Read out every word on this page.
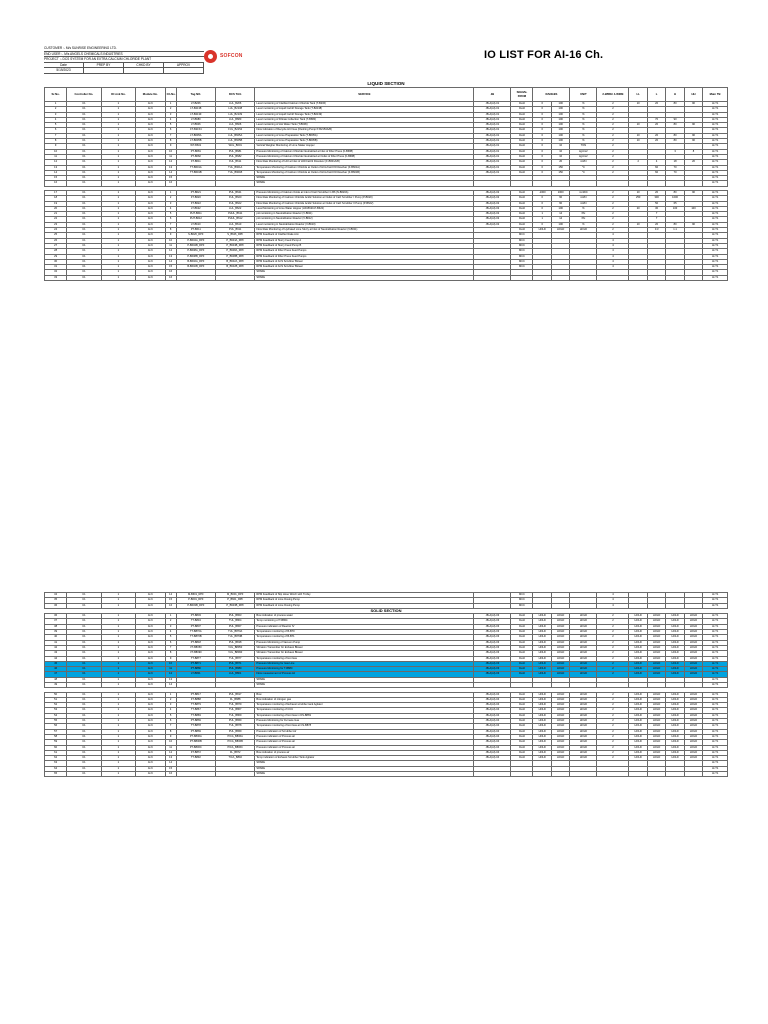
CUSTOMER :- M/s SUNRISE ENGINEERING LTD.
END USER :- M/s ANGELS CHEMICALS INDUSTRIES
PROJECT :- DCS SYSTEM FOR AN EXTRA CALCIUM CHLORIDE PLANT
Date	PREP BY	CHKD BY	APPROV
5/19/2023
SOFCON	IO LIST FOR AI-16 Ch.
LIQUID SECTION
Sr.No.	Controller No.	IO Link No.	Module No.	Ch.No.	Tag NO.	DCS TAG	SERVICE	JB	SIGNAL FROM	RANGES		UNIT	2-WIRE/ 4-WIRE	LL	L	H	HH	Main TB
1	C1	1	AI-6	1	LT-B206	LUL_B206	Level monitoring of Clarified Calcium Chloride Tank (T-B206)	JB-A(AI)-01	Field	0	100	%	2	10	20	80	90	AI-T1
2	C1	1	AI-6	2	LT-B2138	LUL_B2138	Level monitoring of Liquid CaCl2 Storage Tank (T-B2138)	JB-A(AI)-01	Field	0	100	%	2					AI-T1
3	C1	1	AI-6	3	LT-B2139	LUL_B2139	Level monitoring of Liquid CaCl2 Storage Tank (T-B2139)	JB-A(AI)-01	Field	0	100	%	2					AI-T1
4	C1	1	AI-6	4	LT-B680	LUL_B680	Level monitoring of Filtrate Collection Tank (T-B680)	JB-A(AI)-01	Field	0	100	%	2		70	90		AI-T1
5	C1	1	AI-6	5	LT-B606	LUL_B606	Level monitoring of Hot Water Tank (T-B606)	JB-A(AI)-01	Field	0	100	%	2	10	20	80	90	AI-T1
6	C1	1	AI-6	6	FT-B2154	FUL_B2154	Flow Indication of Recycle HCl Gas (Flushing Pump P-B2153A/B)	JB-A(AI)-01	Field	0	100	%	2					AI-T1
7	C1	1	AI-6	7	LT-B605A	LUL_B605A	Level monitoring of Lime Preparation Tank (T-B605A)	JB-A(AI)-01	Field	0	100	%	2	10	20	80	90	AI-T1
8	C1	1	AI-6	8	LT-B605B	LUL_B605B	Level monitoring of Lime Preparation Tank (T-B605B)	JB-A(AI)-01	Field	0	100	%	2	10	20	80	90	AI-T1
9	C1	1	AI-6	9	WT-B601	WUL_B601	Vertical Weigher Monitoring of Lime Slaker Hopper	JB-A(AI)-01	Field	0	10	TON	2					AI-T1
10	C1	1	AI-6	10	PT-B681	PUL_B681	Pressure Monitoring of Calcium Chloride Neutralized at Inlet of Filter Press (F-B688)	JB-A(AI)-01	Field	0	10	kg/cm2	2			3	8	AI-T1
11	C1	1	AI-6	11	PT-B682	PUL_B682	Pressure Monitoring of Calcium Chloride Neutralized at Outlet of Filter Press (F-B688)	JB-A(AI)-01	Field	0	10	kg/cm2	2					AI-T1
12	C1	1	AI-6	12	FT-B611	FUL_B611	Flow Rate Monitoring of HCl at Inlet of HCl/CaCl2 Dissolver (F-B601A/B)	JB-A(AI)-01	Field	0	20	m3/hr	2	2	4	18	20	AI-T1
13	C1	1	AI-6	13	TT-B601A	TUL_B601A	Temperature Monitoring of Calcium Chloride at Outlet of HCL/CaCO3 Dissolver (F-B601A)	JB-A(AI)-01	Field	0	150	°C	2		60	70		AI-T1
14	C1	1	AI-6	14	TT-B601B	TUL_B601B	Temperature Monitoring of Calcium Chloride at Outlet of HCL/CaCO3 Dissolver (F-B601B)	JB-A(AI)-01	Field	0	150	°C	2		60	70		AI-T1
15	C1	1	AI-6	15			SPARE											AI-T1
16	C1	1	AI-6	16			SPARE											AI-T1

17	C1	1	AI-6	1	PT-B621	PUL_B621	Pressure Monitoring of Calcium Oxide at Inlet of CaO Scrubber C-B6 (N-B620A)	JB-A(AI)-02	Field	-1000	1000	mmWC	2	10	20	80	90	AI-T1
18	C1	1	AI-6	2	FT-B620	FUL_B620	Flow Rate Monitoring of Calcium Chloride Acidic Solution at Outlet of CaO Scrubber I Pump (P-B620)	JB-A(AI)-02	Field	0	60	m3/hr	2	250	300	1000		AI-T1
19	C1	1	AI-6	3	FT-B622	FUL_B622	Flow Rate Monitoring of Calcium Chloride Acidic Solution at Outlet of CaO Scrubber II Pump (P-B622)	JB-A(AI)-02	Field	0	60	m3/hr	2		50	65		AI-T1
20	C1	1	AI-6	4	LT-B622	LUL_B622	Level Monitoring of Lime Water Hopper (LW-B620-P-B622)	JB-A(AI)-02	Field	0	100	%	2	20	30	100	100	AI-T1
21	C1	1	AI-6	5	PHT-B611	PHUL_B611	pH monitoring in Neutralization Reactor (V-B611)	JB-A(AI)-02	Field	1	14	PH	2		7			AI-T1
22	C1	1	AI-6	6	PHT-B612	PHUL_B612	pH monitoring in Neutralization Reactor (V-B612)	JB-A(AI)-02	Field	1	14	PH	2		7			AI-T1
23	C1	1	AI-6	7	LT-B610	LUL_B610	Level monitoring in Neutralization Reactor (V-B610)	JB-A(AI)-02	Field	0	100	%	2	10	20	80	90	AI-T1
24	C1	1	AI-6	8	PT-B611	PUL_B611	Flow Rate Monitoring of Hydrated Lime Slurry at Inlet of Neutralization Reactor (V-B611)		Field	HOLD	HOLD	HOLD	2		0.3	1.1		AI-T1
25	C1	1	AI-6	9	S-B626_RPF	S_B626_RPF	RPM Feedback of Clarifier Rake Arm		MCC				4					AI-T1
26	C1	1	AI-6	10	P-B604A_RPF	P_B604A_RPF	RPM Feedback of Slurry Feed Pump A		MCC				4					AI-T1
27	C1	1	AI-6	11	P-B604B_RPF	P_B604B_RPF	RPM Feedback of Slurry Feed Pump B		MCC				4					AI-T1
28	C1	1	AI-6	12	P-B608A_RPF	P_B608A_RPF	RPM Feedback of Filter Press Feed Pumps		MCC				4					AI-T1
29	C1	1	AI-6	13	P-B608B_RPF	P_B608B_RPF	RPM Feedback of Filter Press Feed Pumps		MCC				4					AI-T1
30	C1	1	AI-6	14	B-B602A_RPF	B_B602A_RPF	RPM Feedback of ACS Scrubber Blower		MCC				4					AI-T1
31	C1	1	AI-6	15	B-B602B_RPF	B_B602B_RPF	RPM Feedback of ACS Scrubber Blower		MCC				4					AI-T1
32	C1	1	AI-6	16			SPARE											AI-T1
33	C1	1	AI-6	16			SPARE											AI-T1
34	C1	1	AI-6	14	M-B601_RPF	M_B601_RPF	RPM Feedback of Slip Hose Winch with Trolley		MCC				4					AI-T1
35	C1	1	AI-6	15	P-B601_RPF	P_B601_RPF	RPM Feedback of Lime Dosing Pump		MCC				4					AI-T1
36	C1	1	AI-6	16	P-B603B_RPF	P_B603B_RPF	RPM Feedback of Lime Dosing Pump		MCC				4					AI-T1
SOLID SECTION																		
36	C1	1	AI-6	1	PT-B803	PUL_B803	Bow indication of process water	JB-A(AI)-03	Field	HOLD	HOLD	HOLD	2	HOLD	HOLD	HOLD	HOLD	AI-T1
37	C1	1	AI-6	2	TT-B804	TUL_B804	Temp monitoring of T-B804	JB-A(AI)-03	Field	HOLD	HOLD	HOLD	2	HOLD	HOLD	HOLD	HOLD	AI-T1
38	C1	1	AI-6	3	PT-B807	PUL_B807	Pressure indication of Reactor IV	JB-A(AI)-03	Field	HOLD	HOLD	HOLD	2	HOLD	HOLD	HOLD	HOLD	AI-T1
39	C1	1	AI-6	4	TT-B870A	TUL_B870A	Temperature monitoring of B-B70	JB-A(AI)-03	Field	HOLD	HOLD	HOLD	2	HOLD	HOLD	HOLD	HOLD	AI-T1
40	C1	1	AI-6	5	TT-B870B	TUL_B870B	Temperature monitoring of B-B71	JB-A(AI)-03	Field	HOLD	HOLD	HOLD	2	HOLD	HOLD	HOLD	HOLD	AI-T1
41	C1	1	AI-6	6	PT-B818	PUL_B818	Pressure Monitoring of Vacuum Pump	JB-A(AI)-03	Field	HOLD	HOLD	HOLD	2	HOLD	HOLD	HOLD	HOLD	AI-T1
42	C1	1	AI-6	7	VT-B8050	VUL_B8050	Vibration Transmitter for Exhaust Blower	JB-A(AI)-03	Field	HOLD	HOLD	HOLD	2	HOLD	HOLD	HOLD	HOLD	AI-T1
43	C1	1	AI-6	8	VT-B8090	VUL_B8090	Vibration Transmitter for Exhaust Blower	JB-A(AI)-03	Field	HOLD	HOLD	HOLD	2	HOLD	HOLD	HOLD	HOLD	AI-T1
44	C1	1	AI-6	9	TT-B877	TUL_B877	Temperature monitoring of Hot Gas	JB-A(AI)-03	Field	HOLD	HOLD	HOLD	2	HOLD	HOLD	HOLD	HOLD	AI-T1
45	C1	1	AI-6	10	PT-B871	PUL_B871	Pressure Monitoring for Gas Line	JB-A(AI)-03	Field	HOLD	HOLD	HOLD	2	HOLD	HOLD	HOLD	HOLD	AI-T1
46	C1	1	AI-6	11	PT-B880	PUL_B880	Pressure Monitoring for T-B880	JB-A(AI)-03	Field	HOLD	HOLD	HOLD	2	HOLD	HOLD	HOLD	HOLD	AI-T1
47	C1	1	AI-6	12	LT-B801	LUL_B801	Flow measurement of Process Air	JB-A(AI)-03	Field	HOLD	HOLD	HOLD	2	HOLD	HOLD	HOLD	HOLD	AI-T1
48	C1	1	AI-6	13			SPARE											AI-T1
49	C1	1	AI-6	14			SPARE											AI-T1

50	C1	1	AI-6	1	PT-B817	PUL_B817	Bow	JB-A(AI)-04	Field	HOLD	HOLD	HOLD	2	HOLD	HOLD	HOLD	HOLD	AI-T1
51	C1	1	AI-6	2	FT-B888	FL_B888	Bow indication of nitrogen gas	JB-A(AI)-04	Field	HOLD	HOLD	HOLD	2	HOLD	HOLD	HOLD	HOLD	AI-T1
52	C1	1	AI-6	3	TT-B879	TUL_B879	Temperature monitoring of Exhaust scrubber tank Agitator	JB-A(AI)-04	Field	HOLD	HOLD	HOLD	2	HOLD	HOLD	HOLD	HOLD	AI-T1
53	C1	1	AI-6	4	TT-B867	TUL_B867	Temperature monitoring of CCU	JB-A(AI)-04	Field	HOLD	HOLD	HOLD	2	HOLD	HOLD	HOLD	HOLD	AI-T1
54	C1	1	AI-6	5	TT-B869	TUL_B869	Temperature monitoring of Hot Gas in DS-B869	JB-A(AI)-04	Field	HOLD	HOLD	HOLD	2	HOLD	HOLD	HOLD	HOLD	AI-T1
55	C1	1	AI-6	6	PT-B869	PUL_B869	Pressure Monitoring for Furnace Gas	JB-A(AI)-04	Field	HOLD	HOLD	HOLD	2	HOLD	HOLD	HOLD	HOLD	AI-T1
56	C1	1	AI-6	7	TT-B878	TUL_B878	Temperature monitoring of Hot Gas at CS-B878	JB-A(AI)-04	Field	HOLD	HOLD	HOLD	2	HOLD	HOLD	HOLD	HOLD	AI-T1
57	C1	1	AI-6	8	PT-B869	PUL_B869	Pressure indication of Scrubber Air	JB-A(AI)-04	Field	HOLD	HOLD	HOLD	2	HOLD	HOLD	HOLD	HOLD	AI-T1
58	C1	1	AI-6	9	PT-B806A	PICA_B806A	Pressure indication of Process air	JB-A(AI)-04	Field	HOLD	HOLD	HOLD	2	HOLD	HOLD	HOLD	HOLD	AI-T1
59	C1	1	AI-6	10	PT-B806B	PICA_B806B	Pressure indication of Process air	JB-A(AI)-04	Field	HOLD	HOLD	HOLD	2	HOLD	HOLD	HOLD	HOLD	AI-T1
60	C1	1	AI-6	11	PT-B806C	PICA_B806C	Pressure indication of Process air	JB-A(AI)-04	Field	HOLD	HOLD	HOLD	2	HOLD	HOLD	HOLD	HOLD	AI-T1
61	C1	1	AI-6	12	FT-B872	FL_B872	Bow indication of process air	JB-A(AI)-04	Field	HOLD	HOLD	HOLD	2	HOLD	HOLD	HOLD	HOLD	AI-T1
62	C1	1	AI-6	13	TT-B892	TICA_B892	Temp indication of Exhaust Scrubber Tank Agitator	JB-A(AI)-04	Field	HOLD	HOLD	HOLD	2	HOLD	HOLD	HOLD	HOLD	AI-T1
63	C1	1	AI-6	14			SPARE											AI-T1
64	C1	1	AI-6	15			SPARE											AI-T1
65	C1	1	AI-6	16			SPARE											AI-T1
